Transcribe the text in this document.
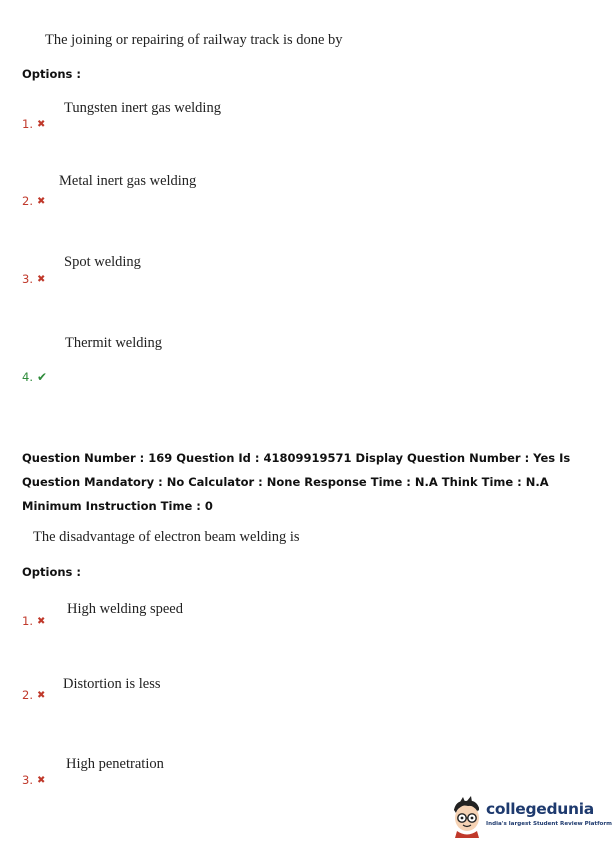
The joining or repairing of railway track is done by
Options :
Tungsten inert gas welding
1. ✖
Metal inert gas welding
2. ✖
Spot welding
3. ✖
Thermit welding
4. ✔
Question Number : 169 Question Id : 41809919571 Display Question Number : Yes Is Question Mandatory : No Calculator : None Response Time : N.A Think Time : N.A Minimum Instruction Time : 0
The disadvantage of electron beam welding is
Options :
High welding speed
1. ✖
Distortion is less
2. ✖
High penetration
3. ✖
collegedunia
India's largest Student Review Platform
